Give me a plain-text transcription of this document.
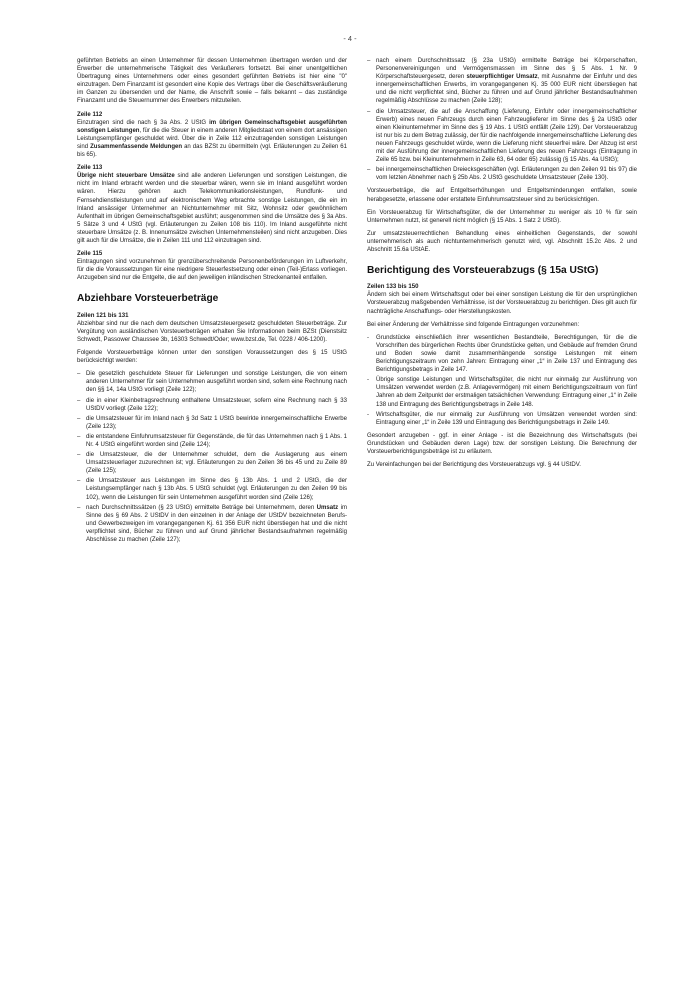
- 4 -

geführten Betriebs an einen Unternehmer für dessen Unternehmen übertragen werden und der Erwerber die unternehmerische Tätigkeit des Veräußerers fortsetzt. Bei einer unentgeltlichen Übertragung eines Unternehmens oder eines gesondert geführten Betriebs ist hier eine "0" einzutragen. Dem Finanzamt ist gesondert eine Kopie des Vertrags über die Geschäftsveräußerung im Ganzen zu übersenden und der Name, die Anschrift sowie – falls bekannt – das zuständige Finanzamt und die Steuernummer des Erwerbers mitzuteilen.

Zeile 112
Einzutragen sind die nach § 3a Abs. 2 UStG im übrigen Gemeinschaftsgebiet ausgeführten sonstigen Leistungen, für die die Steuer in einem anderen Mitgliedstaat von einem dort ansässigen Leistungsempfänger geschuldet wird. Über die in Zeile 112 einzutragenden sonstigen Leistungen sind Zusammenfassende Meldungen an das BZSt zu übermitteln (vgl. Erläuterungen zu Zeilen 61 bis 65).

Zeile 113
Übrige nicht steuerbare Umsätze sind alle anderen Lieferungen und sonstigen Leistungen, die nicht im Inland erbracht werden und die steuerbar wären, wenn sie im Inland ausgeführt worden wären. Hierzu gehören auch Telekommunikationsleistungen, Rundfunk- und Fernsehdienstleistungen und auf elektronischem Weg erbrachte sonstige Leistungen, die ein im Inland ansässiger Unternehmer an Nichtunternehmer mit Sitz, Wohnsitz oder gewöhnlichem Aufenthalt im übrigen Gemeinschaftsgebiet ausführt; ausgenommen sind die Umsätze des § 3a Abs. 5 Sätze 3 und 4 UStG (vgl. Erläuterungen zu Zeilen 108 bis 110). Im Inland ausgeführte nicht steuerbare Umsätze (z. B. Innenumsätze zwischen Unternehmensteilen) sind nicht anzugeben. Dies gilt auch für die Umsätze, die in Zeilen 111 und 112 einzutragen sind.

Zeile 115
Eintragungen sind vorzunehmen für grenzüberschreitende Personenbeförderungen im Luftverkehr, für die die Voraussetzungen für eine niedrigere Steuerfestsetzung oder einen (Teil-)Erlass vorliegen. Anzugeben sind nur die Entgelte, die auf den jeweiligen inländischen Streckenanteil entfallen.

Abziehbare Vorsteuerbeträge

Zeilen 121 bis 131
Abziehbar sind nur die nach dem deutschen Umsatzsteuergesetz geschuldeten Steuerbeträge. Zur Vergütung von ausländischen Vorsteuerbeträgen erhalten Sie Informationen beim BZSt (Dienstsitz Schwedt, Passower Chaussee 3b, 16303 Schwedt/Oder; www.bzst.de, Tel. 0228 / 406-1200).

Folgende Vorsteuerbeträge können unter den sonstigen Voraussetzungen des § 15 UStG berücksichtigt werden:

– Die gesetzlich geschuldete Steuer für Lieferungen und sonstige Leistungen, die von einem anderen Unternehmer für sein Unternehmen ausgeführt worden sind, sofern eine Rechnung nach den §§ 14, 14a UStG vorliegt (Zeile 122);
– die in einer Kleinbetragsrechnung enthaltene Umsatzsteuer, sofern eine Rechnung nach § 33 UStDV vorliegt (Zeile 122);
– die Umsatzsteuer für im Inland nach § 3d Satz 1 UStG bewirkte innergemeinschaftliche Erwerbe (Zeile 123);
– die entstandene Einfuhrumsatzsteuer für Gegenstände, die für das Unternehmen nach § 1 Abs. 1 Nr. 4 UStG eingeführt worden sind (Zeile 124);
– die Umsatzsteuer, die der Unternehmer schuldet, dem die Auslagerung aus einem Umsatzsteuerlager zuzurechnen ist; vgl. Erläuterungen zu den Zeilen 36 bis 45 und zu Zeile 89 (Zeile 125);
– die Umsatzsteuer aus Leistungen im Sinne des § 13b Abs. 1 und 2 UStG, die der Leistungsempfänger nach § 13b Abs. 5 UStG schuldet (vgl. Erläuterungen zu den Zeilen 99 bis 102), wenn die Leistungen für sein Unternehmen ausgeführt worden sind (Zeile 126);
– nach Durchschnittssätzen (§ 23 UStG) ermittelte Beträge bei Unternehmern, deren Umsatz im Sinne des § 69 Abs. 2 UStDV in den einzelnen in der Anlage der UStDV bezeichneten Berufs- und Gewerbezweigen im vorangegangenen Kj. 61 356 EUR nicht überstiegen hat und die nicht verpflichtet sind, Bücher zu führen und auf Grund jährlicher Bestandsaufnahmen regelmäßig Abschlüsse zu machen (Zeile 127);
– nach einem Durchschnittssatz (§ 23a UStG) ermittelte Beträge bei Körperschaften, Personenvereinigungen und Vermögensmassen im Sinne des § 5 Abs. 1 Nr. 9 Körperschaftsteuergesetz, deren steuerpflichtiger Umsatz, mit Ausnahme der Einfuhr und des innergemeinschaftlichen Erwerbs, im vorangegangenen Kj. 35 000 EUR nicht überstiegen hat und die nicht verpflichtet sind, Bücher zu führen und auf Grund jährlicher Bestandsaufnahmen regelmäßig Abschlüsse zu machen (Zeile 128);
– die Umsatzsteuer, die auf die Anschaffung (Lieferung, Einfuhr oder innergemeinschaftlicher Erwerb) eines neuen Fahrzeugs durch einen Fahrzeuglieferer im Sinne des § 2a UStG oder einen Kleinunternehmer im Sinne des § 19 Abs. 1 UStG entfällt (Zeile 129). Der Vorsteuerabzug ist nur bis zu dem Betrag zulässig, der für die nachfolgende innergemeinschaftliche Lieferung des neuen Fahrzeugs geschuldet würde, wenn die Lieferung nicht steuerfrei wäre. Der Abzug ist erst mit der Ausführung der innergemeinschaftlichen Lieferung des neuen Fahrzeugs (Eintragung in Zeile 65 bzw. bei Kleinunternehmern in Zeile 63, 64 oder 65) zulässig (§ 15 Abs. 4a UStG);
– bei innergemeinschaftlichen Dreiecksgeschäften (vgl. Erläuterungen zu den Zeilen 91 bis 97) die vom letzten Abnehmer nach § 25b Abs. 2 UStG geschuldete Umsatzsteuer (Zeile 130).

Vorsteuerbeträge, die auf Entgeltserhöhungen und Entgeltsminderungen entfallen, sowie herabgesetzte, erlassene oder erstattete Einfuhrumsatzsteuer sind zu berücksichtigen.

Ein Vorsteuerabzug für Wirtschaftsgüter, die der Unternehmer zu weniger als 10 % für sein Unternehmen nutzt, ist generell nicht möglich (§ 15 Abs. 1 Satz 2 UStG).

Zur umsatzsteuerrechtlichen Behandlung eines einheitlichen Gegenstands, der sowohl unternehmerisch als auch nichtunternehmerisch genutzt wird, vgl. Abschnitt 15.2c Abs. 2 und Abschnitt 15.6a UStAE.

Berichtigung des Vorsteuerabzugs (§ 15a UStG)

Zeilen 133 bis 150
Ändern sich bei einem Wirtschaftsgut oder bei einer sonstigen Leistung die für den ursprünglichen Vorsteuerabzug maßgebenden Verhältnisse, ist der Vorsteuerabzug zu berichtigen. Dies gilt auch für nachträgliche Anschaffungs- oder Herstellungskosten.

Bei einer Änderung der Verhältnisse sind folgende Eintragungen vorzunehmen:

- Grundstücke einschließlich ihrer wesentlichen Bestandteile, Berechtigungen, für die die Vorschriften des bürgerlichen Rechts über Grundstücke gelten, und Gebäude auf fremden Grund und Boden sowie damit zusammenhängende sonstige Leistungen mit einem Berichtigungszeitraum von zehn Jahren: Eintragung einer „1“ in Zeile 137 und Eintragung des Berichtigungsbetrags in Zeile 147.
- Übrige sonstige Leistungen und Wirtschaftsgüter, die nicht nur einmalig zur Ausführung von Umsätzen verwendet werden (z.B. Anlagevermögen) mit einem Berichtigungszeitraum von fünf Jahren ab dem Zeitpunkt der erstmaligen tatsächlichen Verwendung: Eintragung einer „1“ in Zeile 138 und Eintragung des Berichtigungsbetrags in Zeile 148.
- Wirtschaftsgüter, die nur einmalig zur Ausführung von Umsätzen verwendet worden sind: Eintragung einer „1“ in Zeile 139 und Eintragung des Berichtigungsbetrags in Zeile 149.

Gesondert anzugeben - ggf. in einer Anlage - ist die Bezeichnung des Wirtschaftsguts (bei Grundstücken und Gebäuden deren Lage) bzw. der sonstigen Leistung. Die Berechnung der Vorsteuerberichtigungsbeträge ist zu erläutern.

Zu Vereinfachungen bei der Berichtigung des Vorsteuerabzugs vgl. § 44 UStDV.
